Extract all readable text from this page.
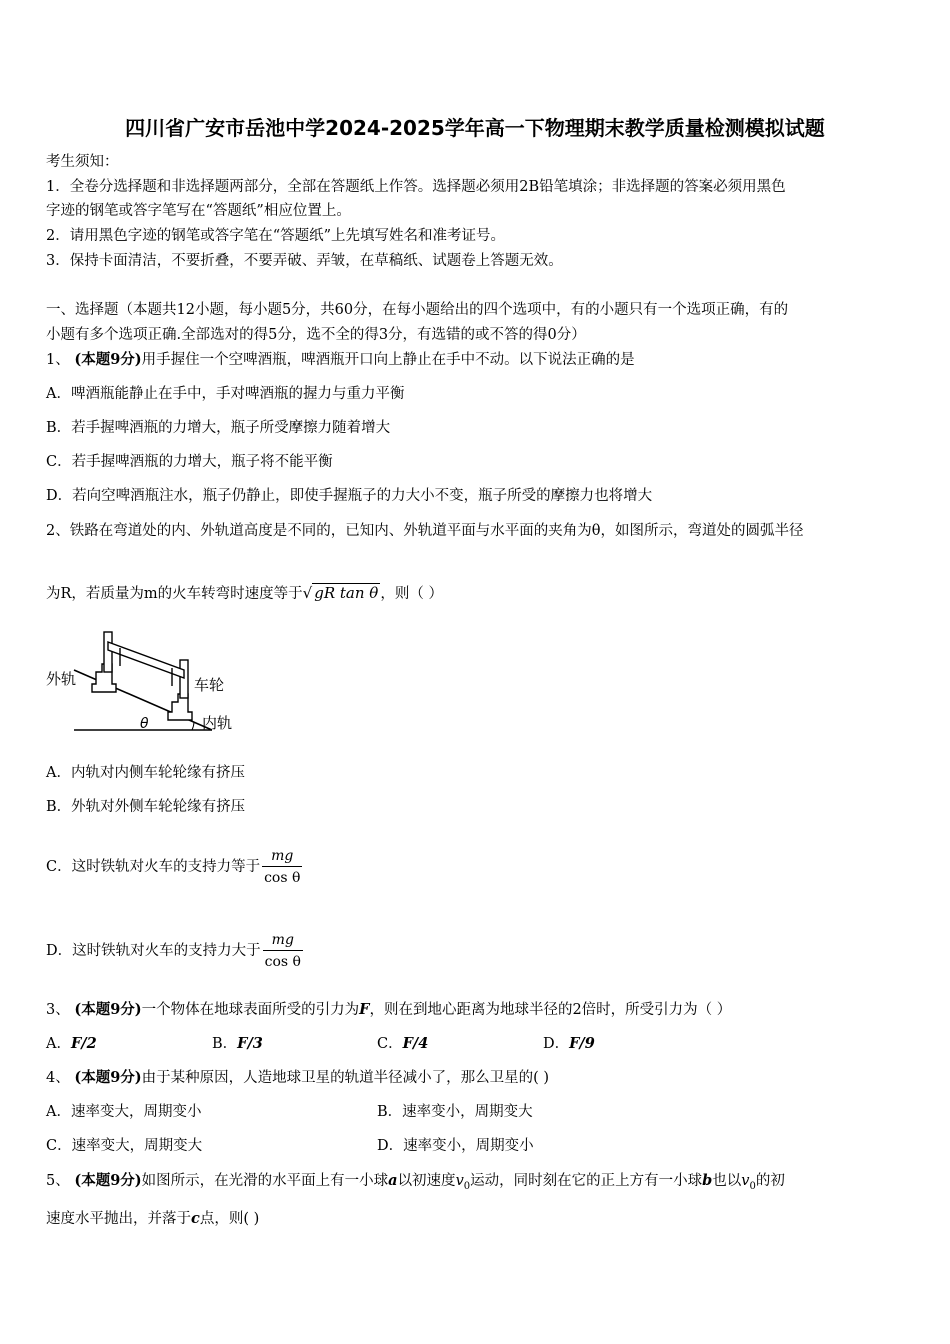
四川省广安市岳池中学2024-2025学年高一下物理期末教学质量检测模拟试题
考生须知：
1．全卷分选择题和非选择题两部分，全部在答题纸上作答。选择题必须用2B铅笔填涂；非选择题的答案必须用黑色
字迹的钢笔或答字笔写在“答题纸”相应位置上。
2．请用黑色字迹的钢笔或答字笔在“答题纸”上先填写姓名和准考证号。
3．保持卡面清洁，不要折叠，不要弄破、弄皱，在草稿纸、试题卷上答题无效。
一、选择题（本题共12小题，每小题5分，共60分，在每小题给出的四个选项中，有的小题只有一个选项正确，有的
小题有多个选项正确.全部选对的得5分，选不全的得3分，有选错的或不答的得0分）
1、 (本题9分)用手握住一个空啤酒瓶，啤酒瓶开口向上静止在手中不动。以下说法正确的是
A．啤酒瓶能静止在手中，手对啤酒瓶的握力与重力平衡
B．若手握啤酒瓶的力增大，瓶子所受摩擦力随着增大
C．若手握啤酒瓶的力增大，瓶子将不能平衡
D．若向空啤酒瓶注水，瓶子仍静止，即使手握瓶子的力大小不变，瓶子所受的摩擦力也将增大
2、铁路在弯道处的内、外轨道高度是不同的，已知内、外轨道平面与水平面的夹角为θ，如图所示，弯道处的圆弧半径
为R，若质量为m的火车转弯时速度等于√ gR tan θ ，则（ ）
外轨	车轮
内轨
θ
A．内轨对内侧车轮轮缘有挤压
B．外轨对外侧车轮轮缘有挤压
C．这时铁轨对火车的支持力等于 $\frac{mg}{\text{cos θ}}$
D．这时铁轨对火车的支持力大于 $\frac{mg}{\text{cos θ}}$
3、 (本题9分)一个物体在地球表面所受的引力为F，则在到地心距离为地球半径的2倍时，所受引力为（ ）
A．F/2	B．F/3	C．F/4	D．F/9
4、 (本题9分)由于某种原因，人造地球卫星的轨道半径减小了，那么卫星的( )
A．速率变大，周期变小	B．速率变小，周期变大
C．速率变大，周期变大	D．速率变小，周期变小
5、 (本题9分)如图所示，在光滑的水平面上有一小球a以初速度$v_0$运动，同时刻在它的正上方有一小球b也以$v_0$的初
速度水平抛出，并落于c点，则( )
